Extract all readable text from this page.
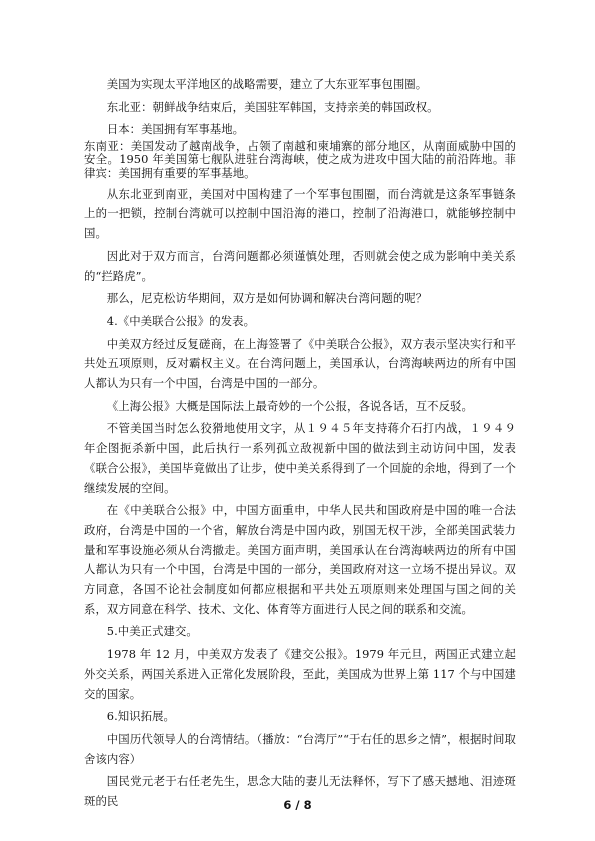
美国为实现太平洋地区的战略需要，建立了大东亚军事包围圈。

东北亚：朝鲜战争结束后，美国驻军韩国，支持亲美的韩国政权。

日本：美国拥有军事基地。

东南亚：美国发动了越南战争，占领了南越和柬埔寨的部分地区，从南面威胁中国的安全。1950 年美国第七舰队进驻台湾海峡，使之成为进攻中国大陆的前沿阵地。菲律宾：美国拥有重要的军事基地。

从东北亚到南亚，美国对中国构建了一个军事包围圈，而台湾就是这条军事链条上的一把锁，控制台湾就可以控制中国沿海的港口，控制了沿海港口，就能够控制中国。

因此对于双方而言，台湾问题都必须谨慎处理，否则就会使之成为影响中美关系的“拦路虎”。

那么，尼克松访华期间，双方是如何协调和解决台湾问题的呢？

4.《中美联合公报》的发表。

中美双方经过反复磋商，在上海签署了《中美联合公报》，双方表示坚决实行和平共处五项原则，反对霸权主义。在台湾问题上，美国承认，台湾海峡两边的所有中国人都认为只有一个中国，台湾是中国的一部分。

《上海公报》大概是国际法上最奇妙的一个公报，各说各话，互不反驳。

不管美国当时怎么狡猾地使用文字，从１９４５年支持蒋介石打内战，１９４９年企图扼杀新中国，此后执行一系列孤立敌视新中国的做法到主动访问中国，发表《联合公报》，美国毕竟做出了让步，使中美关系得到了一个回旋的余地，得到了一个继续发展的空间。

在《中美联合公报》中，中国方面重申，中华人民共和国政府是中国的唯一合法政府，台湾是中国的一个省，解放台湾是中国内政，别国无权干涉，全部美国武装力量和军事设施必须从台湾撤走。美国方面声明，美国承认在台湾海峡两边的所有中国人都认为只有一个中国，台湾是中国的一部分，美国政府对这一立场不提出异议。双方同意，各国不论社会制度如何都应根据和平共处五项原则来处理国与国之间的关系，双方同意在科学、技术、文化、体育等方面进行人民之间的联系和交流。

5.中美正式建交。

1978 年 12 月，中美双方发表了《建交公报》。1979 年元旦，两国正式建立起外交关系，两国关系进入正常化发展阶段，至此，美国成为世界上第 117 个与中国建交的国家。

6.知识拓展。

中国历代领导人的台湾情结。（播放：“台湾厅”“于右任的思乡之情”，根据时间取舍该内容）

国民党元老于右任老先生，思念大陆的妻儿无法释怀，写下了感天撼地、泪迹斑斑的民	6 / 8
